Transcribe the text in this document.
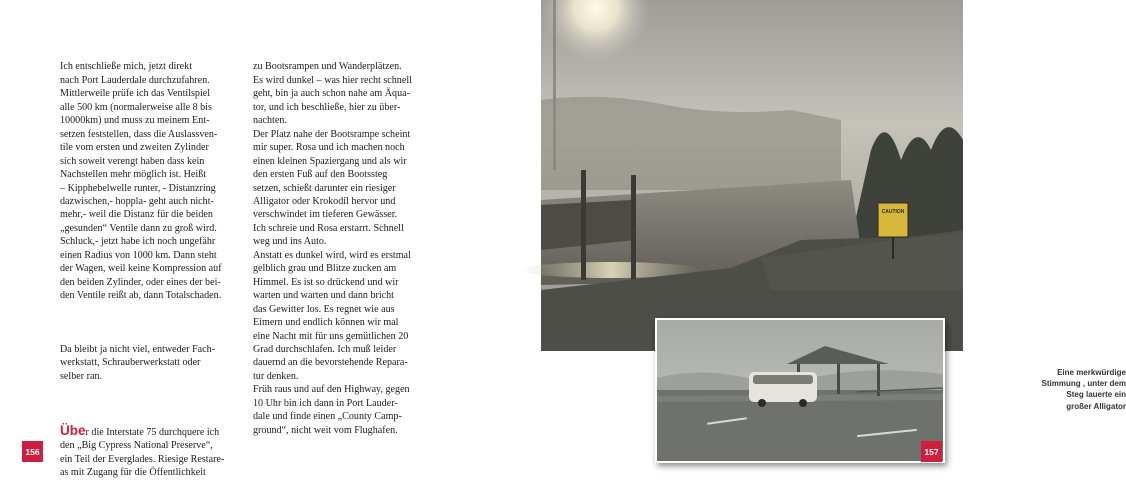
Ich entschließe mich, jetzt direkt
nach Port Lauderdale durchzufahren.
Mittlerweile prüfe ich das Ventilspiel
alle 500 km (normalerweise alle 8 bis
10000km) und muss zu meinem Ent-
setzen feststellen, dass die Auslassven-
tile vom ersten und zweiten Zylinder
sich soweit verengt haben dass kein
Nachstellen mehr möglich ist. Heißt
– Kipphebelwelle runter, - Distanzring
dazwischen,- hoppla- geht auch nicht-
mehr,- weil die Distanz für die beiden
„gesunden“ Ventile dann zu groß wird.
Schluck,- jetzt habe ich noch ungefähr
einen Radius von 1000 km. Dann steht
der Wagen, weil keine Kompression auf
den beiden Zylinder, oder eines der bei-
den Ventile reißt ab, dann Totalschaden.

Da bleibt ja nicht viel, entweder Fach-
werkstatt, Schrauberwerkstatt oder
selber ran.

Über die Interstate 75 durchquere ich
den „Big Cypress National Preserve“,
ein Teil der Everglades. Riesige Restare-
as mit Zugang für die Öffentlichkeit

zu Bootsrampen und Wanderplätzen.
Es wird dunkel – was hier recht schnell
geht, bin ja auch schon nahe am Äqua-
tor, und ich beschließe, hier zu über-
nachten.
Der Platz nahe der Bootsrampe scheint
mir super. Rosa und ich machen noch
einen kleinen Spaziergang und als wir
den ersten Fuß auf den Bootssteg
setzen, schießt darunter ein riesiger
Alligator oder Krokodil hervor und
verschwindet im tieferen Gewässer.
Ich schreie und Rosa erstarrt. Schnell
weg und ins Auto.
Anstatt es dunkel wird, wird es erstmal
gelblich grau und Blitze zucken am
Himmel. Es ist so drückend und wir
warten und warten und dann bricht
das Gewitter los. Es regnet wie aus
Eimern und endlich können wir mal
eine Nacht mit für uns gemütlichen 20
Grad durchschlafen. Ich muß leider
dauernd an die bevorstehende Repara-
tur denken.
Früh raus und auf den Highway, gegen
10 Uhr bin ich dann in Port Lauder-
dale und finde einen „County Camp-
ground“, nicht weit vom Flughafen.

156
Eine merkwürdige
Stimmung , unter dem
Steg lauerte ein
großer Alligator
CAUTION
157
